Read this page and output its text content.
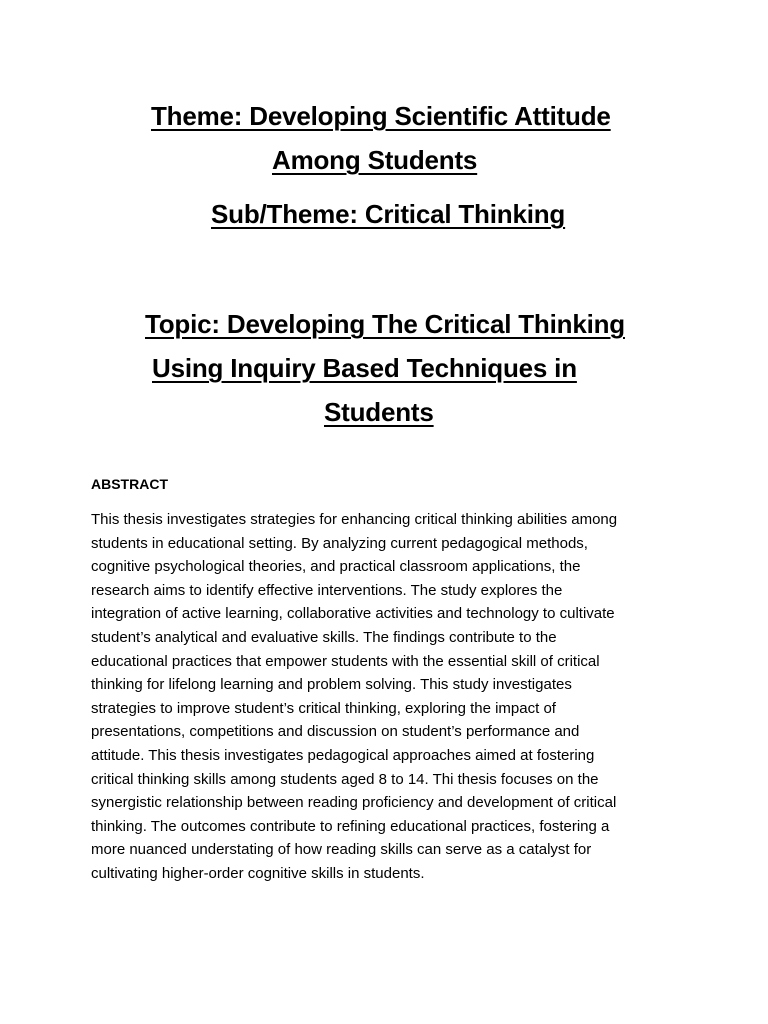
Theme: Developing Scientific Attitude
Among Students
Sub/Theme: Critical Thinking
Topic: Developing The Critical Thinking
Using Inquiry Based Techniques in
Students
ABSTRACT

This thesis investigates strategies for enhancing critical thinking abilities among
students in educational setting. By analyzing current pedagogical methods,
cognitive psychological theories, and practical classroom applications, the
research aims to identify effective interventions. The study explores the
integration of active learning, collaborative activities and technology to cultivate
student’s analytical and evaluative skills. The findings contribute to the
educational practices that empower students with the essential skill of critical
thinking for lifelong learning and problem solving. This study investigates
strategies to improve student’s critical thinking, exploring the impact of
presentations, competitions and discussion on student’s performance and
attitude. This thesis investigates pedagogical approaches aimed at fostering
critical thinking skills among students aged 8 to 14. Thi thesis focuses on the
synergistic relationship between reading proficiency and development of critical
thinking. The outcomes contribute to refining educational practices, fostering a
more nuanced understating of how reading skills can serve as a catalyst for
cultivating higher-order cognitive skills in students.
